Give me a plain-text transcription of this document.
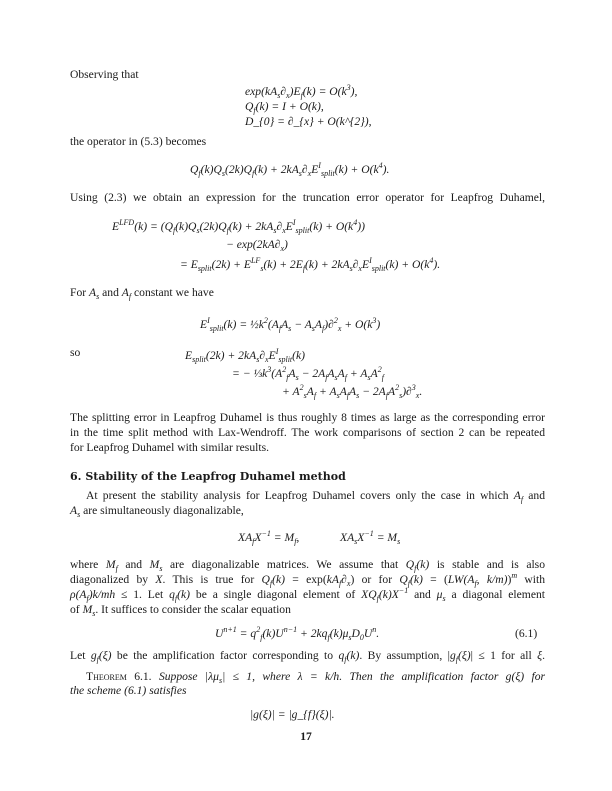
Observing that
$\exp(kA_s\partial_x)E_f(k) = O(k^3)$,
$Q_f(k) = I + O(k)$,
D_{0} = ∂_{x} + O(k^{2}),
the operator in (5.3) becomes
$Q_f(k)Q_s(2k)Q_f(k) + 2kA_s\partial_xE^I_{split}(k) + O(k^4)$.
Using (2.3) we obtain an expression for the truncation error operator for Leapfrog Duhamel,
$E^{LFD}(k) = (Q_f(k)Q_s(2k)Q_f(k) + 2kA_s\partial_xE^I_{split}(k) + O(k^4))$
− $\exp(2kA\partial_x)$
= $E_{split}(2k) + E^{LF}_s(k) + 2E_f(k) + 2kA_s\partial_xE^I_{split}(k) + O(k^4)$.
For $A_s$ and $A_f$ constant we have
$E^I_{split}(k)$ = $\frac{1}{2}k^2(A_fA_s - A_sA_f)\partial^2_x + O(k^3)$
so	$E_{split}(2k) + 2kA_s\partial_xE^I_{split}(k)$
= − $\frac{1}{3}k^3(A^2_fA_s - 2A_fA_sA_f + A_sA^2_f$
+ $A^2_sA_f + A_sA_fA_s - 2A_fA^2_s)\partial^3_x$.
The splitting error in Leapfrog Duhamel is thus roughly 8 times as large as the corresponding error
in the time split method with Lax-Wendroff. The work comparisons of section 2 can be repeated
for Leapfrog Duhamel with similar results.
6. Stability of the Leapfrog Duhamel method
At present the stability analysis for Leapfrog Duhamel covers only the case in which $A_f$ and
$A_s$ are simultaneously diagonalizable,
$XA_fX^{-1} = M_f$,	$XA_sX^{-1} = M_s$
where $M_f$ and $M_s$ are diagonalizable matrices. We assume that $Q_f(k)$ is stable and is also
diagonalized by X. This is true for $Q_f(k) = \exp(kA_f\partial_x)$ or for $Q_f(k) = (LW(A_f$, k/m))$^m$ with
$\rho(A_f)k/mh \le 1$. Let $q_f(k)$ be a single diagonal element of $XQ_f(k)X^{-1}$ and $\mu_s$ a diagonal element
of $M_s$. It suffices to consider the scalar equation
$U^{n+1} = q^2_f(k)U^{n-1} + 2kq_f(k)\mu_sD_0U^n$.	(6.1)
Let $g_f(\xi)$ be the amplification factor corresponding to $q_f(k)$. By assumption, $|g_f(\xi)| \le 1$ for all ξ.
Theorem 6.1. Suppose $|\lambda\mu_s| \le 1$, where λ = k/h. Then the amplification factor g(ξ) for
the scheme (6.1) satisfies
|g(ξ)| = |g_{f}(ξ)|.
17
